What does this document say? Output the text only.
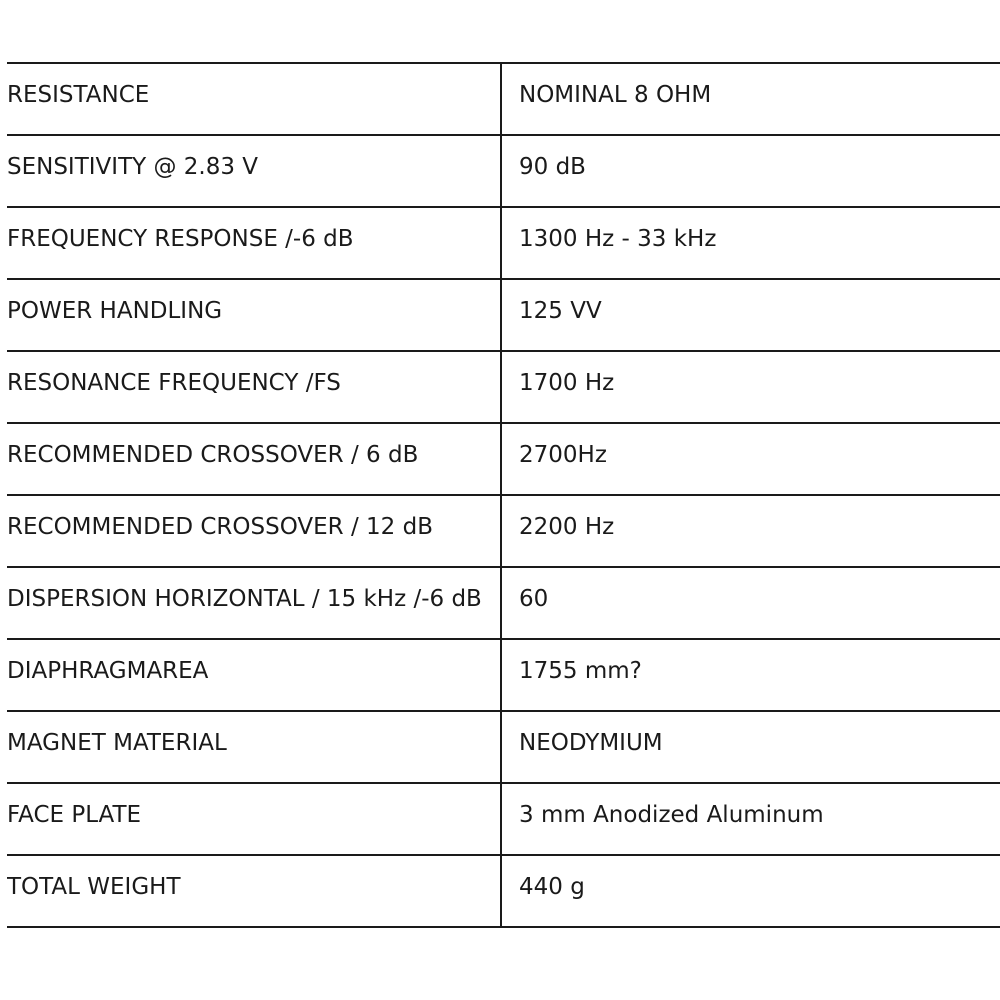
RESISTANCE	NOMINAL 8 OHM
SENSITIVITY @ 2.83 V	90 dB
FREQUENCY RESPONSE /-6 dB	1300 Hz - 33 kHz
POWER HANDLING	125 VV
RESONANCE FREQUENCY /FS	1700 Hz
RECOMMENDED CROSSOVER / 6 dB	2700Hz
RECOMMENDED CROSSOVER / 12 dB	2200 Hz
DISPERSION HORIZONTAL / 15 kHz /-6 dB	60
DIAPHRAGMAREA	1755 mm?
MAGNET MATERIAL	NEODYMIUM
FACE PLATE	3 mm Anodized Aluminum
TOTAL WEIGHT	440 g
